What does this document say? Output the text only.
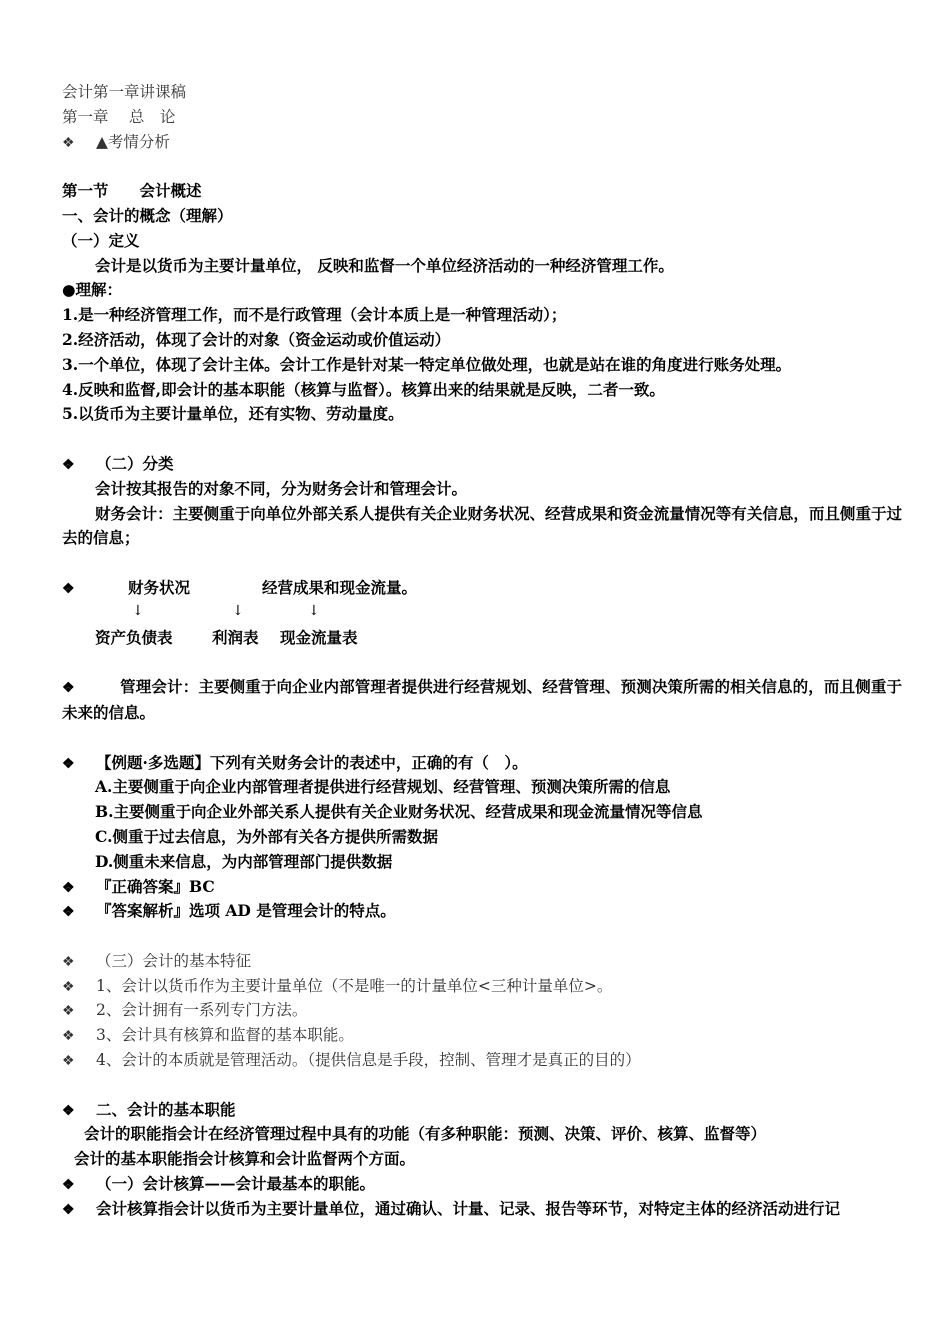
会计第一章讲课稿
第一章　 总　论
❖ ▲考情分析
第一节　　会计概述
一、会计的概念（理解）
（一）定义
会计是以货币为主要计量单位， 反映和监督一个单位经济活动的一种经济管理工作。
●理解：
1.是一种经济管理工作，而不是行政管理（会计本质上是一种管理活动）；
2.经济活动，体现了会计的对象（资金运动或价值运动）
3.一个单位，体现了会计主体。会计工作是针对某一特定单位做处理，也就是站在谁的角度进行账务处理。
4.反映和监督,即会计的基本职能（核算与监督）。核算出来的结果就是反映，二者一致。
5.以货币为主要计量单位，还有实物、劳动量度。
❖ （二）分类
会计按其报告的对象不同，分为财务会计和管理会计。
财务会计：主要侧重于向单位外部关系人提供有关企业财务状况、经营成果和资金流量情况等有关信息，而且侧重于过去的信息；
❖	财务状况	经营成果和现金流量。
↓	↓	↓
资产负债表	利润表 现金流量表
❖	管理会计：主要侧重于向企业内部管理者提供进行经营规划、经营管理、预测决策所需的相关信息的，而且侧重于未来的信息。
❖ 【例题·多选题】下列有关财务会计的表述中，正确的有（　）。
A.主要侧重于向企业内部管理者提供进行经营规划、经营管理、预测决策所需的信息
B.主要侧重于向企业外部关系人提供有关企业财务状况、经营成果和现金流量情况等信息
C.侧重于过去信息，为外部有关各方提供所需数据
D.侧重未来信息，为内部管理部门提供数据
❖ 『正确答案』BC
❖ 『答案解析』选项 AD 是管理会计的特点。
❖ （三）会计的基本特征
❖ 1、会计以货币作为主要计量单位（不是唯一的计量单位<三种计量单位>。
❖ 2、会计拥有一系列专门方法。
❖ 3、会计具有核算和监督的基本职能。
❖ 4、会计的本质就是管理活动。（提供信息是手段，控制、管理才是真正的目的）
❖ 二、会计的基本职能
会计的职能指会计在经济管理过程中具有的功能（有多种职能：预测、决策、评价、核算、监督等）
会计的基本职能指会计核算和会计监督两个方面。
❖ （一）会计核算——会计最基本的职能。
❖ 会计核算指会计以货币为主要计量单位，通过确认、计量、记录、报告等环节，对特定主体的经济活动进行记
